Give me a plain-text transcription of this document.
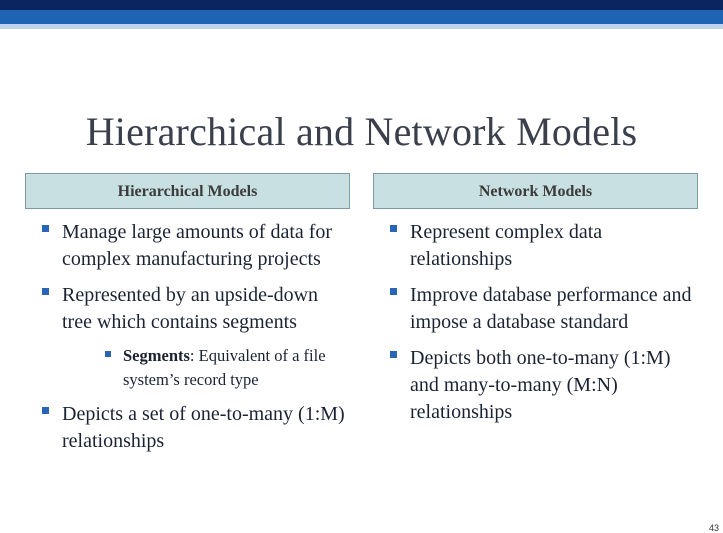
Hierarchical and Network Models
Hierarchical Models
Manage large amounts of data for complex manufacturing projects
Represented by an upside-down tree which contains segments
Segments: Equivalent of a file system’s record type
Depicts a set of one-to-many (1:M) relationships
Network Models
Represent complex data relationships
Improve database performance and impose a database standard
Depicts both one-to-many (1:M) and many-to-many (M:N) relationships
43
